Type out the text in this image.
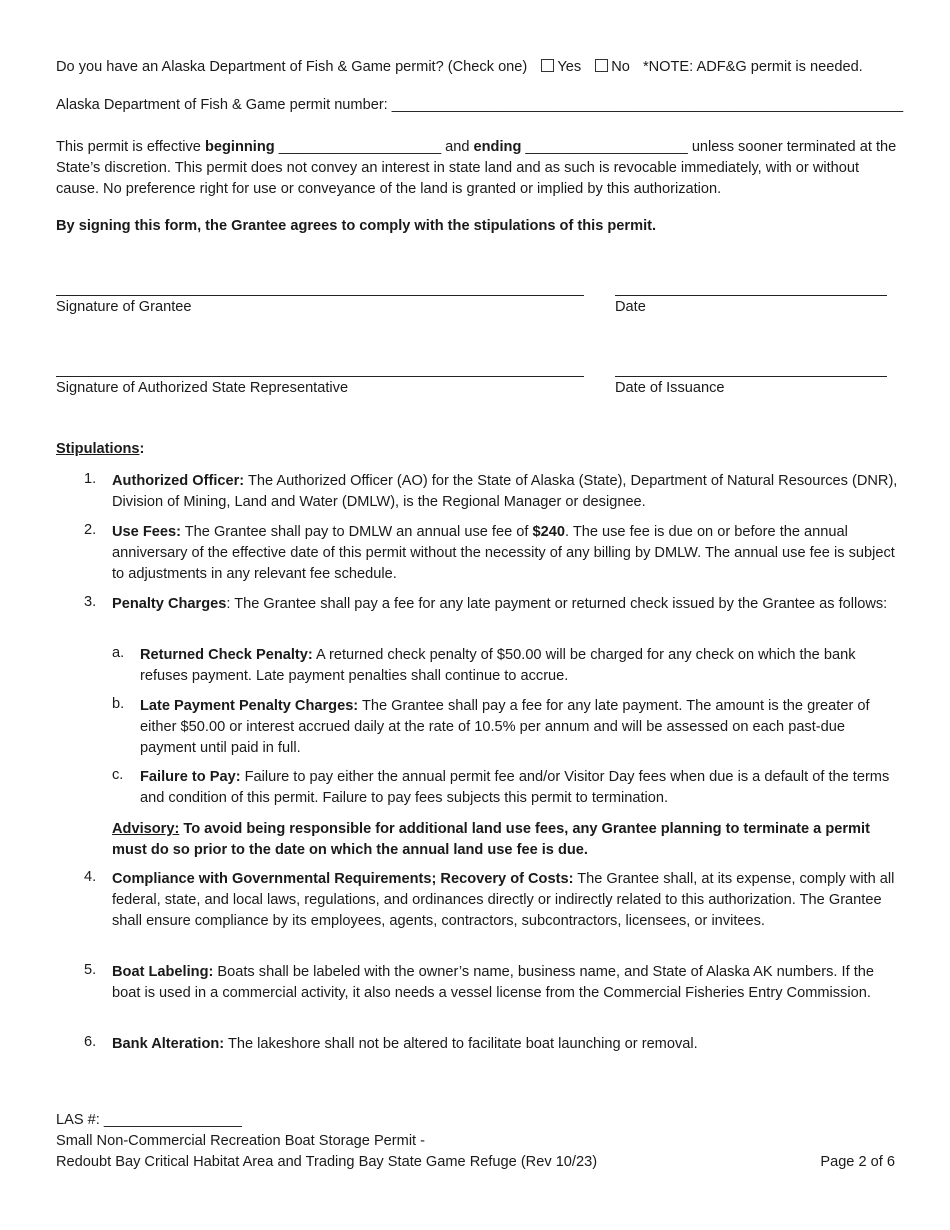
Do you have an Alaska Department of Fish & Game permit? (Check one) Yes No *NOTE: ADF&G permit is needed.
Alaska Department of Fish & Game permit number: _______________________________________________________________
This permit is effective beginning ____________________ and ending ____________________ unless sooner terminated at the State’s discretion. This permit does not convey an interest in state land and as such is revocable immediately, with or without cause. No preference right for use or conveyance of the land is granted or implied by this authorization.
By signing this form, the Grantee agrees to comply with the stipulations of this permit.
Signature of Grantee	Date
Signature of Authorized State Representative	Date of Issuance
Stipulations:
1. Authorized Officer: The Authorized Officer (AO) for the State of Alaska (State), Department of Natural Resources (DNR), Division of Mining, Land and Water (DMLW), is the Regional Manager or designee.
2. Use Fees: The Grantee shall pay to DMLW an annual use fee of $240. The use fee is due on or before the annual anniversary of the effective date of this permit without the necessity of any billing by DMLW. The annual use fee is subject to adjustments in any relevant fee schedule.
3. Penalty Charges: The Grantee shall pay a fee for any late payment or returned check issued by the Grantee as follows:
a. Returned Check Penalty: A returned check penalty of $50.00 will be charged for any check on which the bank refuses payment. Late payment penalties shall continue to accrue.
b. Late Payment Penalty Charges: The Grantee shall pay a fee for any late payment. The amount is the greater of either $50.00 or interest accrued daily at the rate of 10.5% per annum and will be assessed on each past-due payment until paid in full.
c. Failure to Pay: Failure to pay either the annual permit fee and/or Visitor Day fees when due is a default of the terms and condition of this permit. Failure to pay fees subjects this permit to termination.
Advisory: To avoid being responsible for additional land use fees, any Grantee planning to terminate a permit must do so prior to the date on which the annual land use fee is due.
4. Compliance with Governmental Requirements; Recovery of Costs: The Grantee shall, at its expense, comply with all federal, state, and local laws, regulations, and ordinances directly or indirectly related to this authorization. The Grantee shall ensure compliance by its employees, agents, contractors, subcontractors, licensees, or invitees.
5. Boat Labeling: Boats shall be labeled with the owner’s name, business name, and State of Alaska AK numbers. If the boat is used in a commercial activity, it also needs a vessel license from the Commercial Fisheries Entry Commission.
6. Bank Alteration: The lakeshore shall not be altered to facilitate boat launching or removal.
LAS #: _________________
Small Non-Commercial Recreation Boat Storage Permit -
Redoubt Bay Critical Habitat Area and Trading Bay State Game Refuge (Rev 10/23)	Page 2 of 6
